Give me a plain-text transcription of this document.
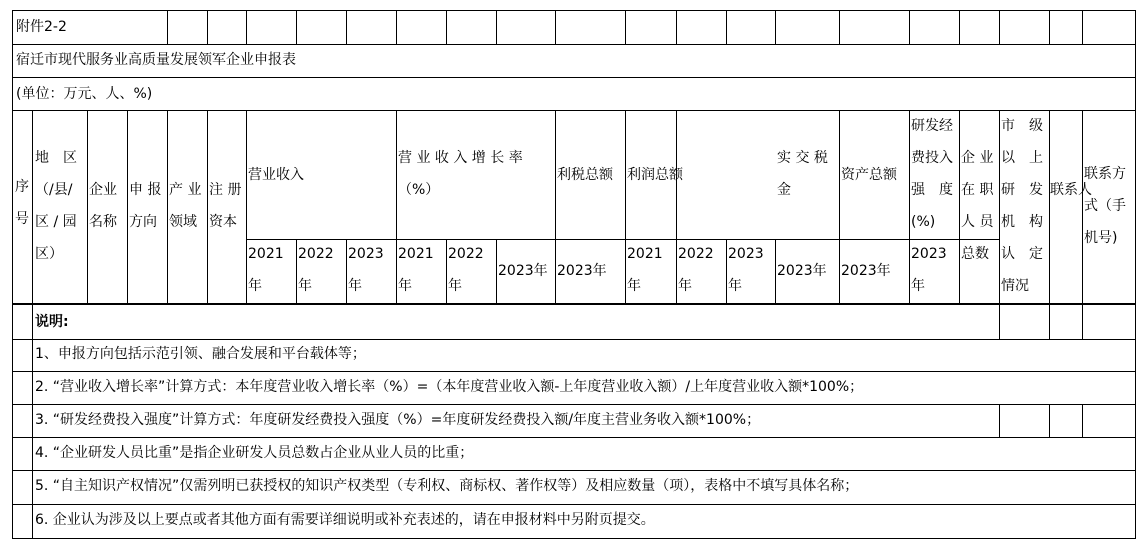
附件2-2
宿迁市现代服务业高质量发展领军企业申报表
(单位：万元、人、%)
序
号
地　区
（/县/
区 / 园
区）
企业
名称
申 报
方向
产 业
领域
注 册
资本
营业收入
营 业 收 入 增 长 率
（%）
利税总额 利润总额
实 交 税
金
资产总额
研发经
费投入
强　度
(%)
企 业
在 职
人 员
总数
市　级
以　上
研　发
机　构
认　定
情况
联系人
联系方
式（手
机号)
2021
年
2022
年
2023
年
2021
年
2022
年
2021
年
2022
年
2023
年
2023
年
2023年 2023年	2023年 2023年
说明:
1、申报方向包括示范引领、融合发展和平台载体等；
2. “营业收入增长率”计算方式：本年度营业收入增长率（%）=（本年度营业收入额-上年度营业收入额）/上年度营业收入额*100%；
3. “研发经费投入强度”计算方式：年度研发经费投入强度（%）=年度研发经费投入额/年度主营业务收入额*100%；
4. “企业研发人员比重”是指企业研发人员总数占企业从业人员的比重；
5. “自主知识产权情况”仅需列明已获授权的知识产权类型（专利权、商标权、著作权等）及相应数量（项），表格中不填写具体名称；
6. 企业认为涉及以上要点或者其他方面有需要详细说明或补充表述的，请在申报材料中另附页提交。
